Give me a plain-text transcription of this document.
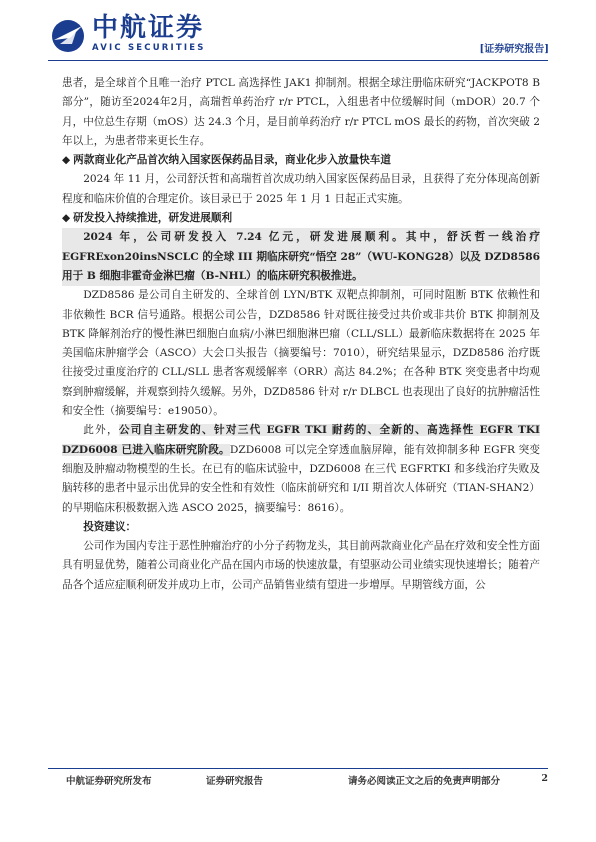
中航证券
AVIC SECURITIES	[证券研究报告]

患者，是全球首个且唯一治疗 PTCL 高选择性 JAK1 抑制剂。根据全球注册临床研究“JACKPOT8 B 部分”，随访至2024年2月，高瑞哲单药治疗 r/r PTCL，入组患者中位缓解时间（mDOR）20.7 个月，中位总生存期（mOS）达 24.3 个月，是目前单药治疗 r/r PTCL mOS 最长的药物，首次突破 2 年以上，为患者带来更长生存。

◆ 两款商业化产品首次纳入国家医保药品目录，商业化步入放量快车道

2024 年 11 月，公司舒沃哲和高瑞哲首次成功纳入国家医保药品目录，且获得了充分体现高创新程度和临床价值的合理定价。该目录已于 2025 年 1 月 1 日起正式实施。

◆ 研发投入持续推进，研发进展顺利

2024 年，公司研发投入 7.24 亿元，研发进展顺利。其中，舒沃哲一线治疗 EGFRExon20insNSCLC 的全球 III 期临床研究“悟空 28”（WU-KONG28）以及 DZD8586 用于 B 细胞非霍奇金淋巴瘤（B-NHL）的临床研究积极推进。

DZD8586 是公司自主研发的、全球首创 LYN/BTK 双靶点抑制剂，可同时阻断 BTK 依赖性和非依赖性 BCR 信号通路。根据公司公告，DZD8586 针对既往接受过共价或非共价 BTK 抑制剂及 BTK 降解剂治疗的慢性淋巴细胞白血病/小淋巴细胞淋巴瘤（CLL/SLL）最新临床数据将在 2025 年美国临床肿瘤学会（ASCO）大会口头报告（摘要编号：7010），研究结果显示，DZD8586 治疗既往接受过重度治疗的 CLL/SLL 患者客观缓解率（ORR）高达 84.2%；在各种 BTK 突变患者中均观察到肿瘤缓解，并观察到持久缓解。另外，DZD8586 针对 r/r DLBCL 也表现出了良好的抗肿瘤活性和安全性（摘要编号：e19050）。

此外，公司自主研发的、针对三代 EGFR TKI 耐药的、全新的、高选择性 EGFR TKI DZD6008 已进入临床研究阶段。DZD6008 可以完全穿透血脑屏障，能有效抑制多种 EGFR 突变细胞及肿瘤动物模型的生长。在已有的临床试验中，DZD6008 在三代 EGFRTKI 和多线治疗失败及脑转移的患者中显示出优异的安全性和有效性（临床前研究和 I/II 期首次人体研究（TIAN-SHAN2）的早期临床积极数据入选 ASCO 2025，摘要编号：8616）。

投资建议：

公司作为国内专注于恶性肿瘤治疗的小分子药物龙头，其目前两款商业化产品在疗效和安全性方面具有明显优势，随着公司商业化产品在国内市场的快速放量，有望驱动公司业绩实现快速增长；随着产品各个适应症顺利研发并成功上市，公司产品销售业绩有望进一步增厚。早期管线方面，公

中航证券研究所发布	证券研究报告	请务必阅读正文之后的免责声明部分	2
